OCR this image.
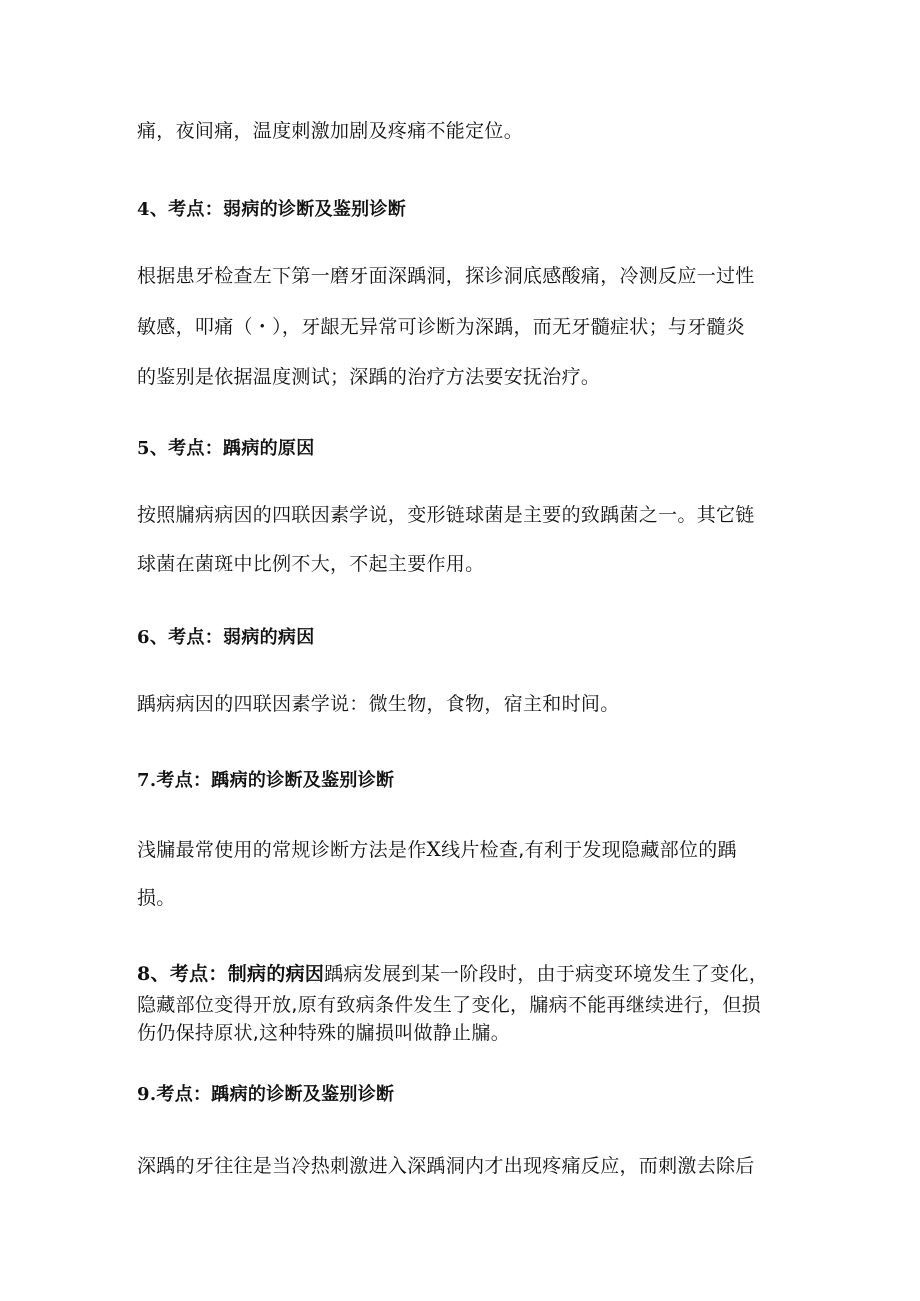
痛，夜间痛，温度刺激加剧及疼痛不能定位。
4、考点：弱病的诊断及鉴别诊断
根据患牙检查左下第一磨牙面深踽洞，探诊洞底感酸痛，冷测反应一过性
敏感，叩痛（・），牙龈无异常可诊断为深踽，而无牙髓症状；与牙髓炎
的鉴别是依据温度测试；深踽的治疗方法要安抚治疗。
5、考点：踽病的原因
按照牖病病因的四联因素学说，变形链球菌是主要的致踽菌之一。其它链
球菌在菌斑中比例不大，不起主要作用。
6、考点：弱病的病因
踽病病因的四联因素学说：微生物，食物，宿主和时间。
7.考点：踽病的诊断及鉴别诊断
浅牖最常使用的常规诊断方法是作X线片检查,有利于发现隐藏部位的踽
损。
8、考点：制病的病因踽病发展到某一阶段时，由于病变环境发生了变化，
隐藏部位变得开放,原有致病条件发生了变化，牖病不能再继续进行，但损
伤仍保持原状,这种特殊的牖损叫做静止牖。
9.考点：踽病的诊断及鉴别诊断
深踽的牙往往是当冷热刺激进入深踽洞内才出现疼痛反应，而刺激去除后
